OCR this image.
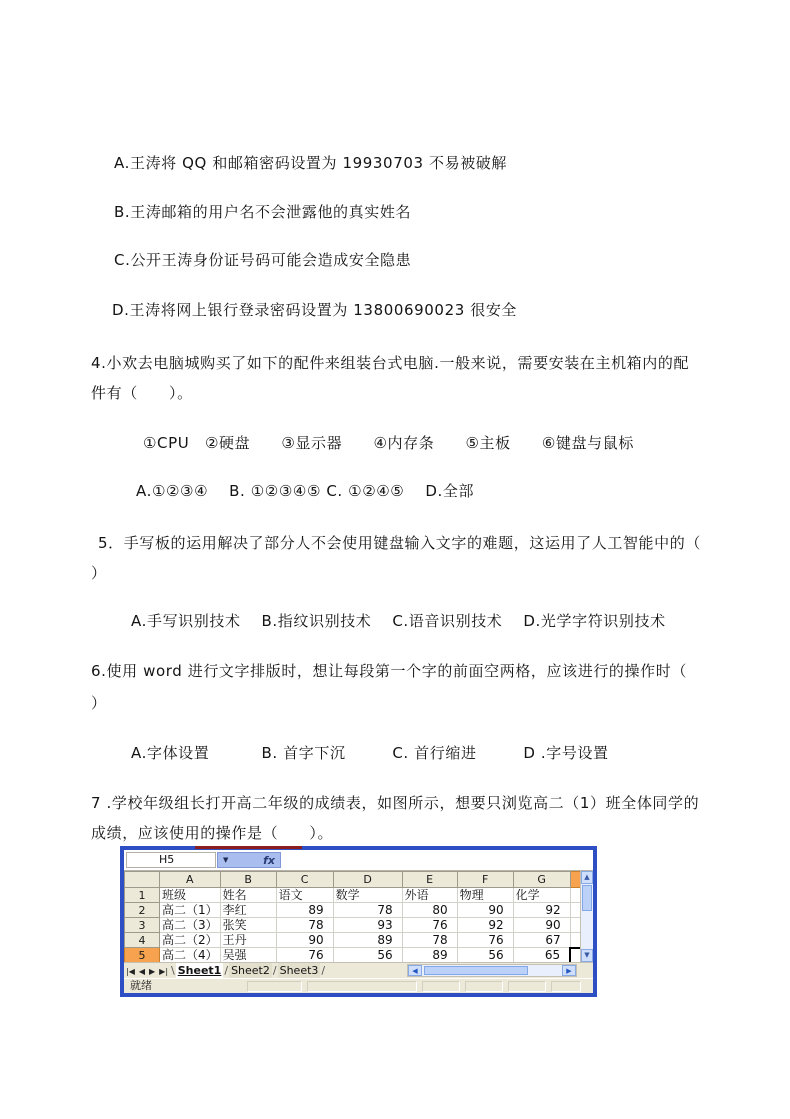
A.王涛将 QQ 和邮箱密码设置为 19930703 不易被破解
B.王涛邮箱的用户名不会泄露他的真实姓名
C.公开王涛身份证号码可能会造成安全隐患
D.王涛将网上银行登录密码设置为 13800690023 很安全
4.小欢去电脑城购买了如下的配件来组装台式电脑.一般来说，需要安装在主机箱内的配
件有（　　）。
①CPU　②硬盘　　③显示器　　④内存条　　⑤主板　　⑥键盘与鼠标
A.①②③④　 B. ①②③④⑤ C. ①②④⑤　 D.全部
5．手写板的运用解决了部分人不会使用键盘输入文字的难题，这运用了人工智能中的（
）
A.手写识别技术　 B.指纹识别技术　 C.语音识别技术　 D.光学字符识别技术
6.使用 word 进行文字排版时，想让每段第一个字的前面空两格，应该进行的操作时（
）
A.字体设置　　　 B. 首字下沉　　　C. 首行缩进　　　D .字号设置
7 .学校年级组长打开高二年级的成绩表，如图所示，想要只浏览高二（1）班全体同学的
成绩，应该使用的操作是（　　）。
H5	▼	fx
	A	B	C	D	E	F	G	
1	班级	姓名	语文	数学	外语	物理	化学	
2	高二（1）	李红	89	78	80	90	92	
3	高二（3）	张笑	78	93	76	92	90	
4	高二（2）	王丹	90	89	78	76	67	
5	高二（4）	吴强	76	56	89	56	65	
▲
▼
|◀ ◀ ▶ ▶| \ Sheet1 / Sheet2 / Sheet3 /	◀	▶
就绪
